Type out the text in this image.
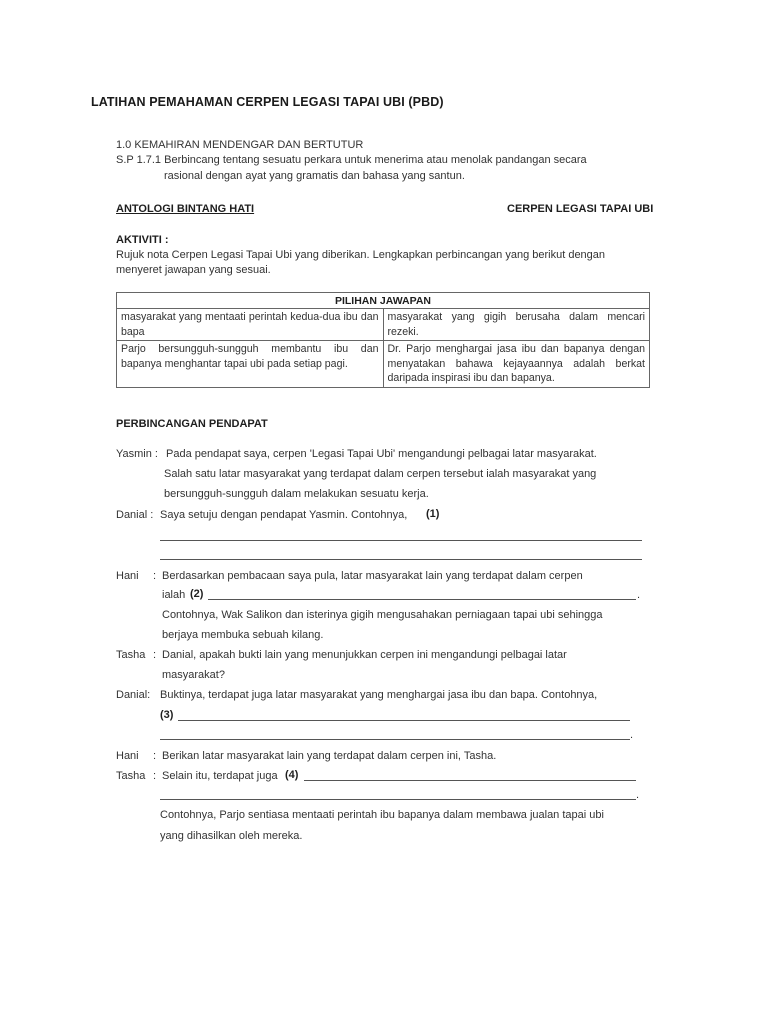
LATIHAN PEMAHAMAN CERPEN LEGASI TAPAI UBI (PBD)
1.0 KEMAHIRAN MENDENGAR DAN BERTUTUR
S.P 1.7.1 Berbincang tentang sesuatu perkara untuk menerima atau menolak pandangan secara
rasional dengan ayat yang gramatis dan bahasa yang santun.
ANTOLOGI BINTANG HATI	CERPEN LEGASI TAPAI UBI
AKTIVITI :
Rujuk nota Cerpen Legasi Tapai Ubi yang diberikan. Lengkapkan perbincangan yang berikut dengan
menyeret jawapan yang sesuai.
PILIHAN JAWAPAN	
masyarakat yang mentaati perintah kedua-dua ibu dan bapa	masyarakat yang gigih berusaha dalam mencari rezeki.
Parjo bersungguh-sungguh membantu ibu dan bapanya menghantar tapai ubi pada setiap pagi.	Dr. Parjo menghargai jasa ibu dan bapanya dengan menyatakan bahawa kejayaannya adalah berkat daripada inspirasi ibu dan bapanya.
PERBINCANGAN PENDAPAT
Yasmin : Pada pendapat saya, cerpen 'Legasi Tapai Ubi' mengandungi pelbagai latar masyarakat.
Salah satu latar masyarakat yang terdapat dalam cerpen tersebut ialah masyarakat yang
bersungguh-sungguh dalam melakukan sesuatu kerja.
Danial : Saya setuju dengan pendapat Yasmin. Contohnya, (1)
Hani : Berdasarkan pembacaan saya pula, latar masyarakat lain yang terdapat dalam cerpen
ialah (2)	.
Contohnya, Wak Salikon dan isterinya gigih mengusahakan perniagaan tapai ubi sehingga
berjaya membuka sebuah kilang.
Tasha : Danial, apakah bukti lain yang menunjukkan cerpen ini mengandungi pelbagai latar
masyarakat?
Danial: Buktinya, terdapat juga latar masyarakat yang menghargai jasa ibu dan bapa. Contohnya,
(3)
.
Hani : Berikan latar masyarakat lain yang terdapat dalam cerpen ini, Tasha.
Tasha : Selain itu, terdapat juga (4)
.
Contohnya, Parjo sentiasa mentaati perintah ibu bapanya dalam membawa jualan tapai ubi
yang dihasilkan oleh mereka.
